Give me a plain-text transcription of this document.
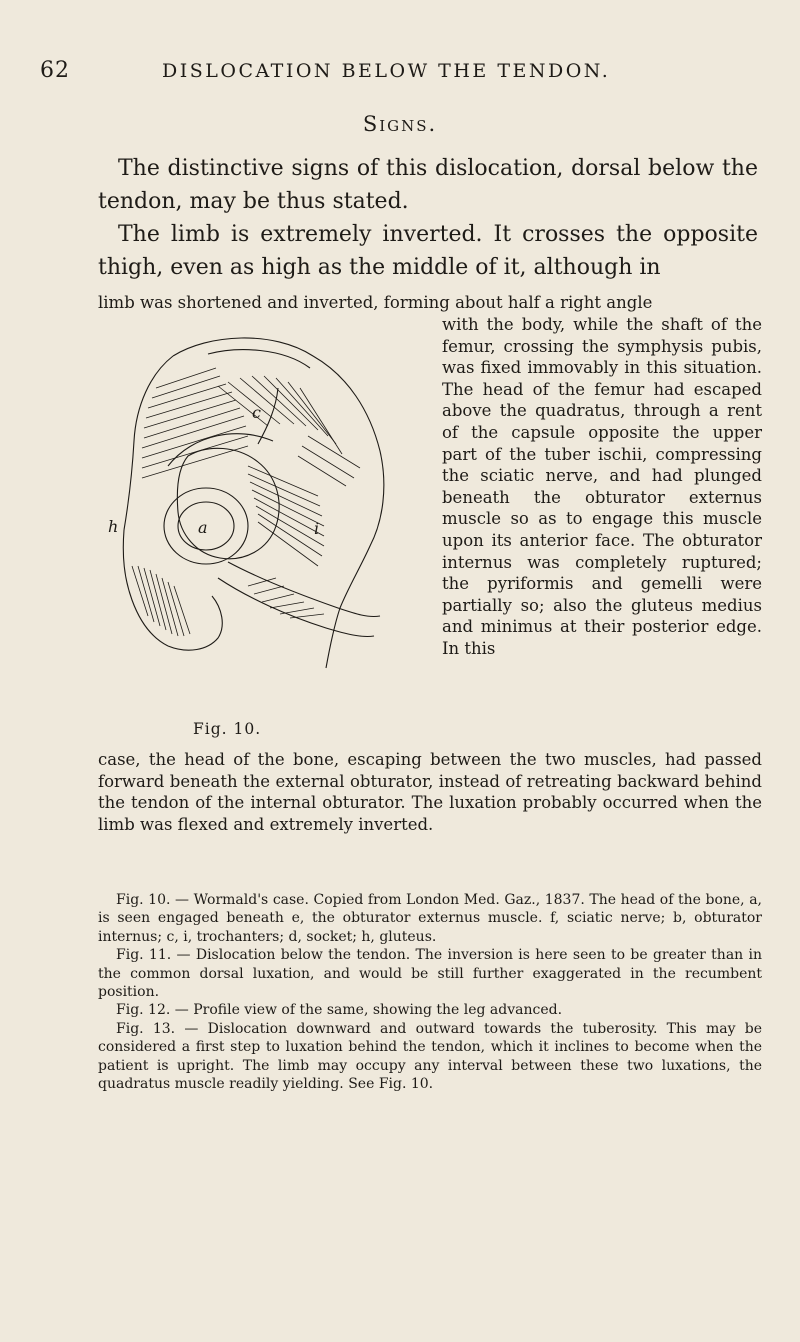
62	DISLOCATION BELOW THE TENDON.
Signs.

The distinctive signs of this dislocation, dorsal below the tendon, may be thus stated.

The limb is extremely inverted. It crosses the opposite thigh, even as high as the middle of it, although in

limb was shortened and inverted, forming about half a right angle

h	a	i
c
Fig. 10.

with the body, while the shaft of the femur, crossing the symphysis pubis, was fixed immovably in this situation. The head of the femur had escaped above the quadratus, through a rent of the capsule opposite the upper part of the tuber ischii, compressing the sciatic nerve, and had plunged beneath the obturator externus muscle so as to engage this muscle upon its anterior face. The obturator internus was completely ruptured; the pyriformis and gemelli were partially so; also the gluteus medius and minimus at their posterior edge. In this

case, the head of the bone, escaping between the two muscles, had passed forward beneath the external obturator, instead of retreating backward behind the tendon of the internal obturator. The luxation probably occurred when the limb was flexed and extremely inverted.

Fig. 10. — Wormald's case. Copied from London Med. Gaz., 1837. The head of the bone, a, is seen engaged beneath e, the obturator externus muscle. f, sciatic nerve; b, obturator internus; c, i, trochanters; d, socket; h, gluteus.

Fig. 11. — Dislocation below the tendon. The inversion is here seen to be greater than in the common dorsal luxation, and would be still further exaggerated in the recumbent position.

Fig. 12. — Profile view of the same, showing the leg advanced.

Fig. 13. — Dislocation downward and outward towards the tuberosity. This may be considered a first step to luxation behind the tendon, which it inclines to become when the patient is upright. The limb may occupy any interval between these two luxations, the quadratus muscle readily yielding. See Fig. 10.
